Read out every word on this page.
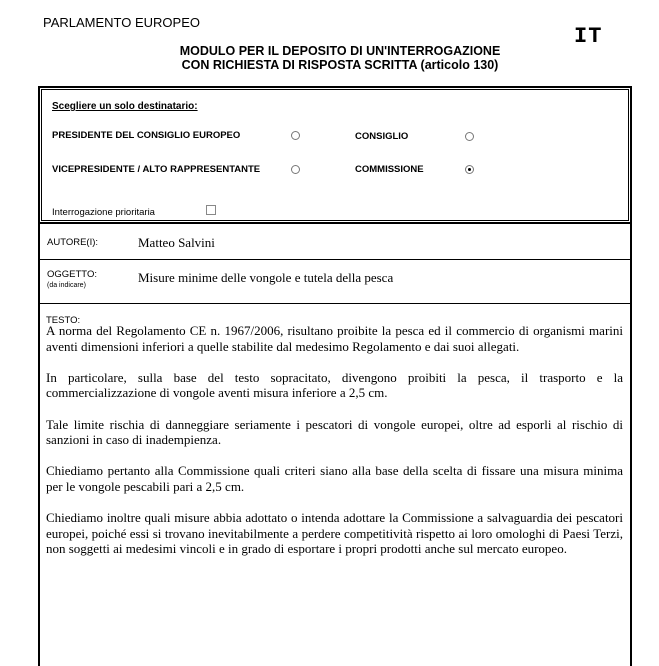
PARLAMENTO EUROPEO
IT
MODULO PER IL DEPOSITO DI UN'INTERROGAZIONE
CON RICHIESTA DI RISPOSTA SCRITTA (articolo 130)
Scegliere un solo destinatario:
PRESIDENTE DEL CONSIGLIO EUROPEO	CONSIGLIO
VICEPRESIDENTE / ALTO RAPPRESENTANTE	COMMISSIONE
Interrogazione prioritaria
AUTORE(I):	Matteo Salvini
OGGETTO:
(da indicare)
Misure minime delle vongole e tutela della pesca
TESTO:

A norma del Regolamento CE n. 1967/2006, risultano proibite la pesca ed il commercio di organismi marini aventi dimensioni inferiori a quelle stabilite dal medesimo Regolamento e dai suoi allegati.

In particolare, sulla base del testo sopracitato, divengono proibiti la pesca, il trasporto e la commercializzazione di vongole aventi misura inferiore a 2,5 cm.

Tale limite rischia di danneggiare seriamente i pescatori di vongole europei, oltre ad esporli al rischio di sanzioni in caso di inadempienza.

Chiediamo pertanto alla Commissione quali criteri siano alla base della scelta di fissare una misura minima per le vongole pescabili pari a 2,5 cm.

Chiediamo inoltre quali misure abbia adottato o intenda adottare la Commissione a salvaguardia dei pescatori europei, poiché essi si trovano inevitabilmente a perdere competitività rispetto ai loro omologhi di Paesi Terzi, non soggetti ai medesimi vincoli e in grado di esportare i propri prodotti anche sul mercato europeo.
